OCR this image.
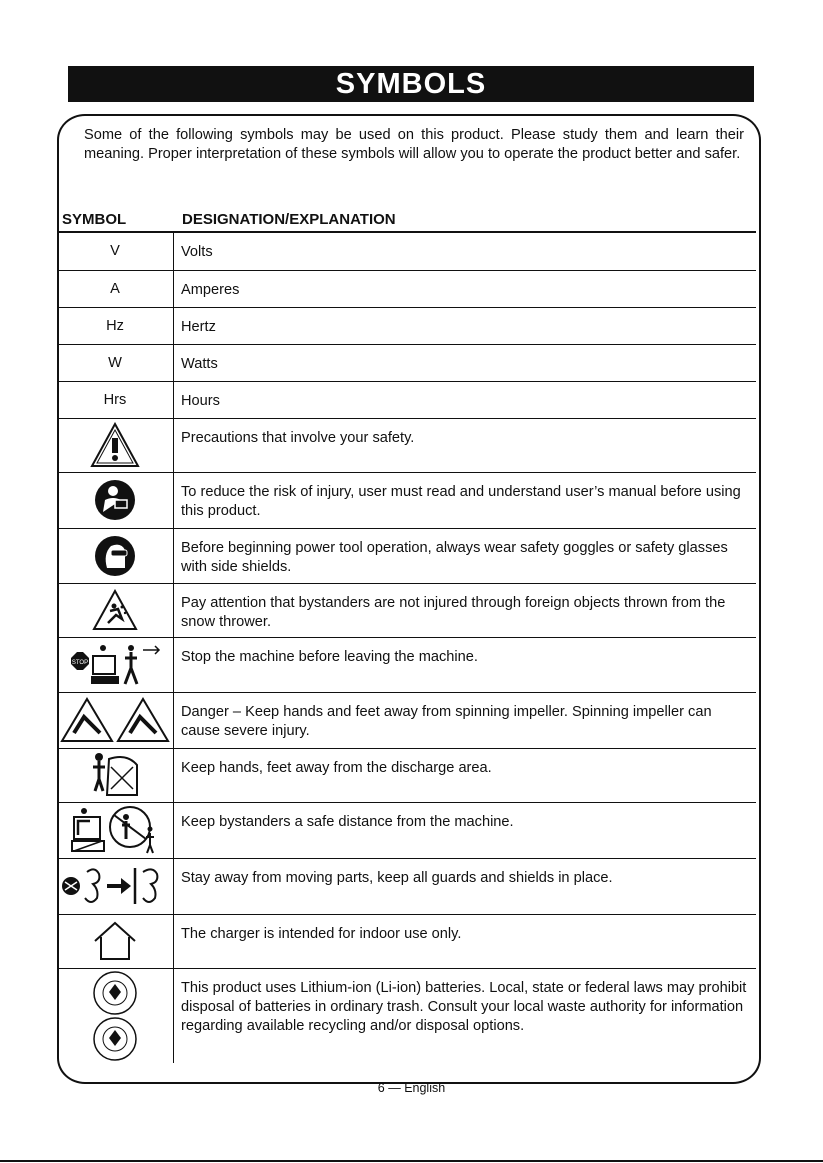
SYMBOLS
Some of the following symbols may be used on this product. Please study them and learn their meaning. Proper interpretation of these symbols will allow you to operate the product better and safer.
SYMBOL	DESIGNATION/EXPLANATION
V	Volts
A	Amperes
Hz	Hertz
W	Watts
Hrs	Hours
	Precautions that involve your safety.
	To reduce the risk of injury, user must read and understand user’s manual before using this product.
	Before beginning power tool operation, always wear safety goggles or safety glasses with side shields.
	Pay attention that bystanders are not injured through foreign objects thrown from the snow thrower.

STOP	Stop the machine before leaving the machine.
	Danger – Keep hands and feet away from spinning impeller. Spinning impeller can cause severe injury.
	Keep hands, feet away from the discharge area.
	Keep bystanders a safe distance from the machine.
	Stay away from moving parts, keep all guards and shields in place.
	The charger is intended for indoor use only.
	This product uses Lithium-ion (Li-ion) batteries. Local, state or federal laws may prohibit disposal of batteries in ordinary trash. Consult your local waste authority for information regarding available recycling and/or disposal options.
6 — English
